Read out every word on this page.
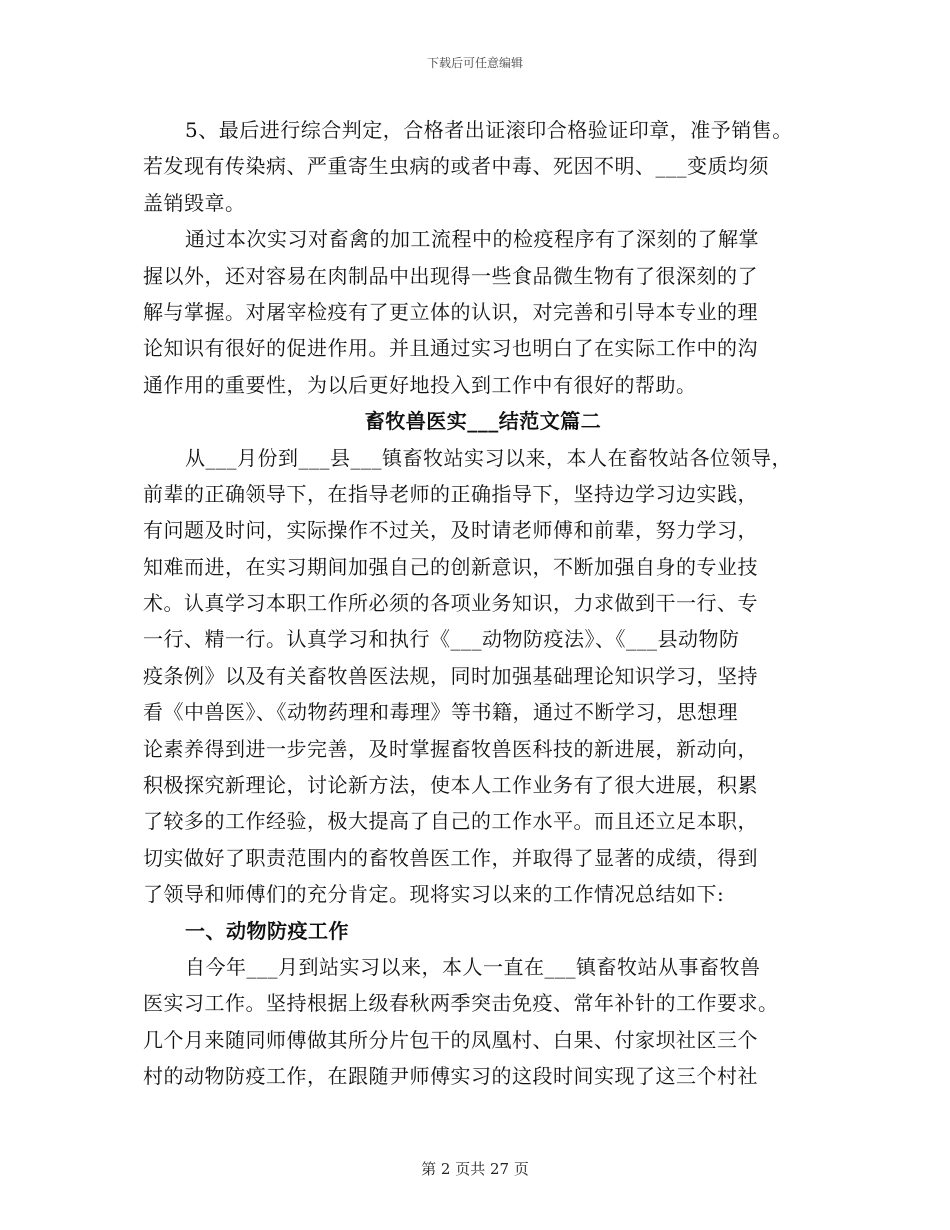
下载后可任意编辑
5、最后进行综合判定，合格者出证滚印合格验证印章，准予销售。
若发现有传染病、严重寄生虫病的或者中毒、死因不明、___变质均须
盖销毁章。
通过本次实习对畜禽的加工流程中的检疫程序有了深刻的了解掌
握以外，还对容易在肉制品中出现得一些食品微生物有了很深刻的了
解与掌握。对屠宰检疫有了更立体的认识，对完善和引导本专业的理
论知识有很好的促进作用。并且通过实习也明白了在实际工作中的沟
通作用的重要性，为以后更好地投入到工作中有很好的帮助。
畜牧兽医实___结范文篇二
从___月份到___县___镇畜牧站实习以来，本人在畜牧站各位领导，
前辈的正确领导下，在指导老师的正确指导下，坚持边学习边实践，
有问题及时问，实际操作不过关，及时请老师傅和前辈，努力学习，
知难而进，在实习期间加强自己的创新意识，不断加强自身的专业技
术。认真学习本职工作所必须的各项业务知识，力求做到干一行、专
一行、精一行。认真学习和执行《___动物防疫法》、《___县动物防
疫条例》以及有关畜牧兽医法规，同时加强基础理论知识学习，坚持
看《中兽医》、《动物药理和毒理》等书籍，通过不断学习，思想理
论素养得到进一步完善，及时掌握畜牧兽医科技的新进展，新动向，
积极探究新理论，讨论新方法，使本人工作业务有了很大进展，积累
了较多的工作经验，极大提高了自己的工作水平。而且还立足本职，
切实做好了职责范围内的畜牧兽医工作，并取得了显著的成绩，得到
了领导和师傅们的充分肯定。现将实习以来的工作情况总结如下:
一、动物防疫工作
自今年___月到站实习以来，本人一直在___镇畜牧站从事畜牧兽
医实习工作。坚持根据上级春秋两季突击免疫、常年补针的工作要求。
几个月来随同师傅做其所分片包干的凤凰村、白果、付家坝社区三个
村的动物防疫工作，在跟随尹师傅实习的这段时间实现了这三个村社
第 2 页共 27 页
